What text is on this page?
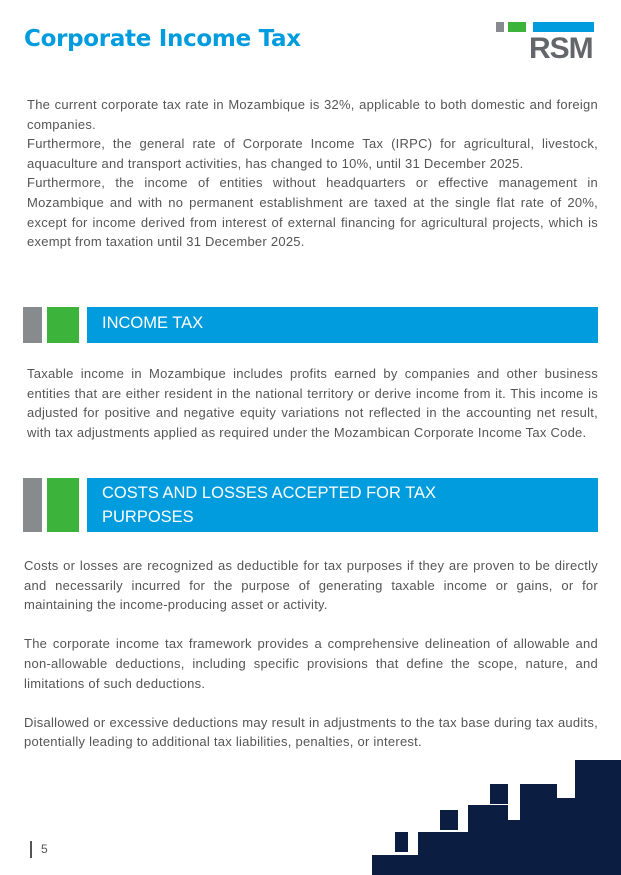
Corporate Income Tax	RSM
The current corporate tax rate in Mozambique is 32%, applicable to both domestic and foreign companies.
Furthermore, the general rate of Corporate Income Tax (IRPC) for agricultural, livestock, aquaculture and transport activities, has changed to 10%, until 31 December 2025.
Furthermore, the income of entities without headquarters or effective management in Mozambique and with no permanent establishment are taxed at the single flat rate of 20%, except for income derived from interest of external financing for agricultural projects, which is exempt from taxation until 31 December 2025.
INCOME TAX
Taxable income in Mozambique includes profits earned by companies and other business entities that are either resident in the national territory or derive income from it. This income is adjusted for positive and negative equity variations not reflected in the accounting net result, with tax adjustments applied as required under the Mozambican Corporate Income Tax Code.
COSTS AND LOSSES ACCEPTED FOR TAX
PURPOSES
Costs or losses are recognized as deductible for tax purposes if they are proven to be directly and necessarily incurred for the purpose of generating taxable income or gains, or for maintaining the income-producing asset or activity.
The corporate income tax framework provides a comprehensive delineation of allowable and non-allowable deductions, including specific provisions that define the scope, nature, and limitations of such deductions.
Disallowed or excessive deductions may result in adjustments to the tax base during tax audits, potentially leading to additional tax liabilities, penalties, or interest.
5
